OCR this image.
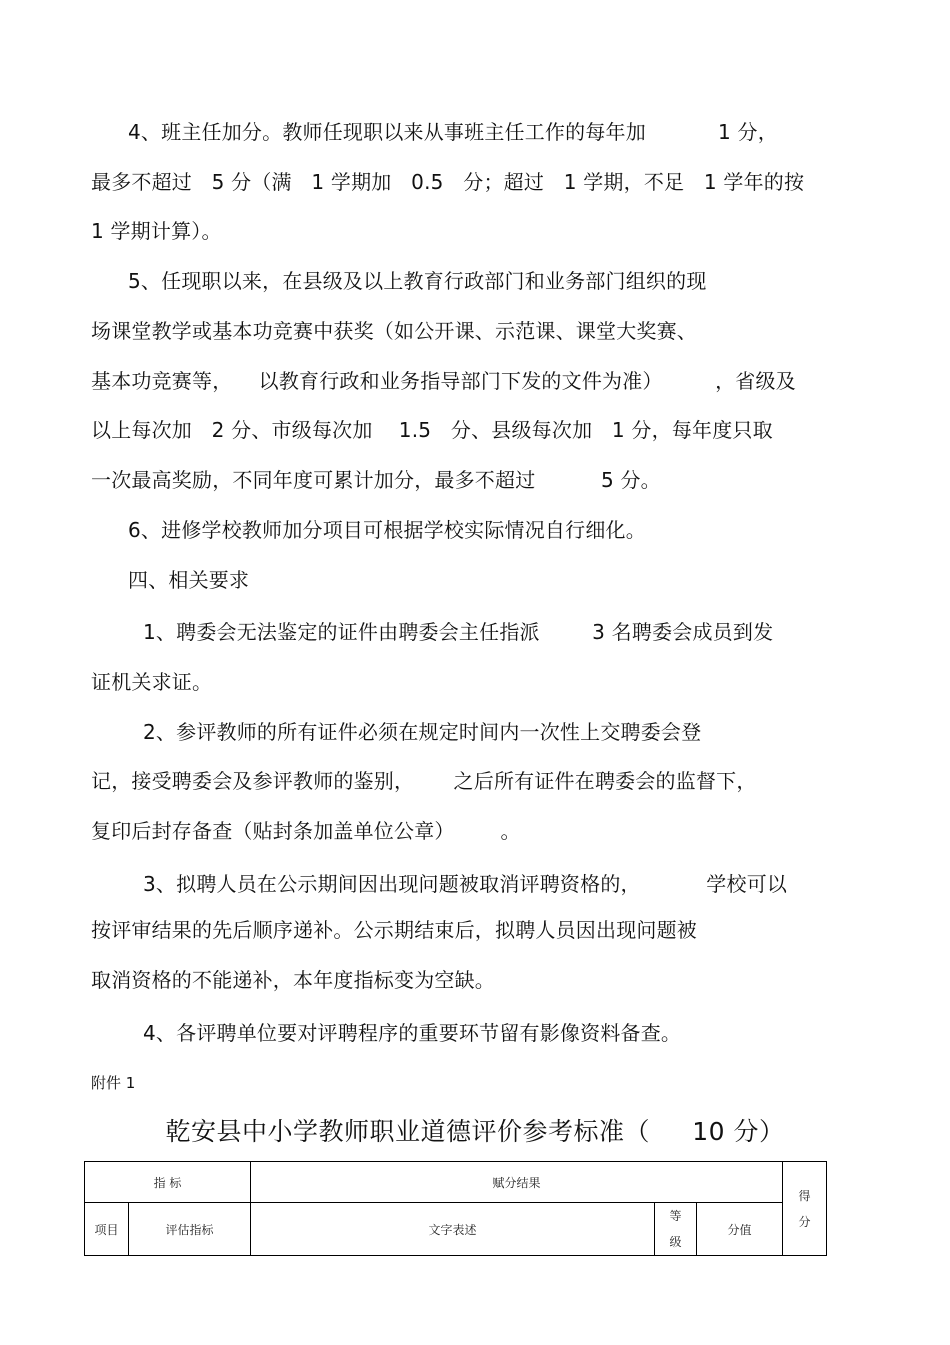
4、班主任加分。教师任现职以来从事班主任工作的每年加           1 分，
最多不超过   5 分（满   1 学期加   0.5   分；超过   1 学期，不足   1 学年的按
1 学期计算）。
5、任现职以来，在县级及以上教育行政部门和业务部门组织的现
场课堂教学或基本功竞赛中获奖（如公开课、示范课、课堂大奖赛、
基本功竞赛等，    以教育行政和业务指导部门下发的文件为准）        ，省级及
以上每次加   2 分、市级每次加    1.5   分、县级每次加   1 分，每年度只取
一次最高奖励，不同年度可累计加分，最多不超过          5 分。
6、进修学校教师加分项目可根据学校实际情况自行细化。
四、相关要求
1、聘委会无法鉴定的证件由聘委会主任指派        3 名聘委会成员到发
证机关求证。
2、参评教师的所有证件必须在规定时间内一次性上交聘委会登
记，接受聘委会及参评教师的鉴别，      之后所有证件在聘委会的监督下，
复印后封存备查（贴封条加盖单位公章）       。
3、拟聘人员在公示期间因出现问题被取消评聘资格的，          学校可以
按评审结果的先后顺序递补。公示期结束后，拟聘人员因出现问题被
取消资格的不能递补，本年度指标变为空缺。
4、各评聘单位要对评聘程序的重要环节留有影像资料备查。
附件 1
乾安县中小学教师职业道德评价参考标准（     10 分）
指 标		赋分结果			得
分

项目	评估指标	文字表述	等
级	分值	
